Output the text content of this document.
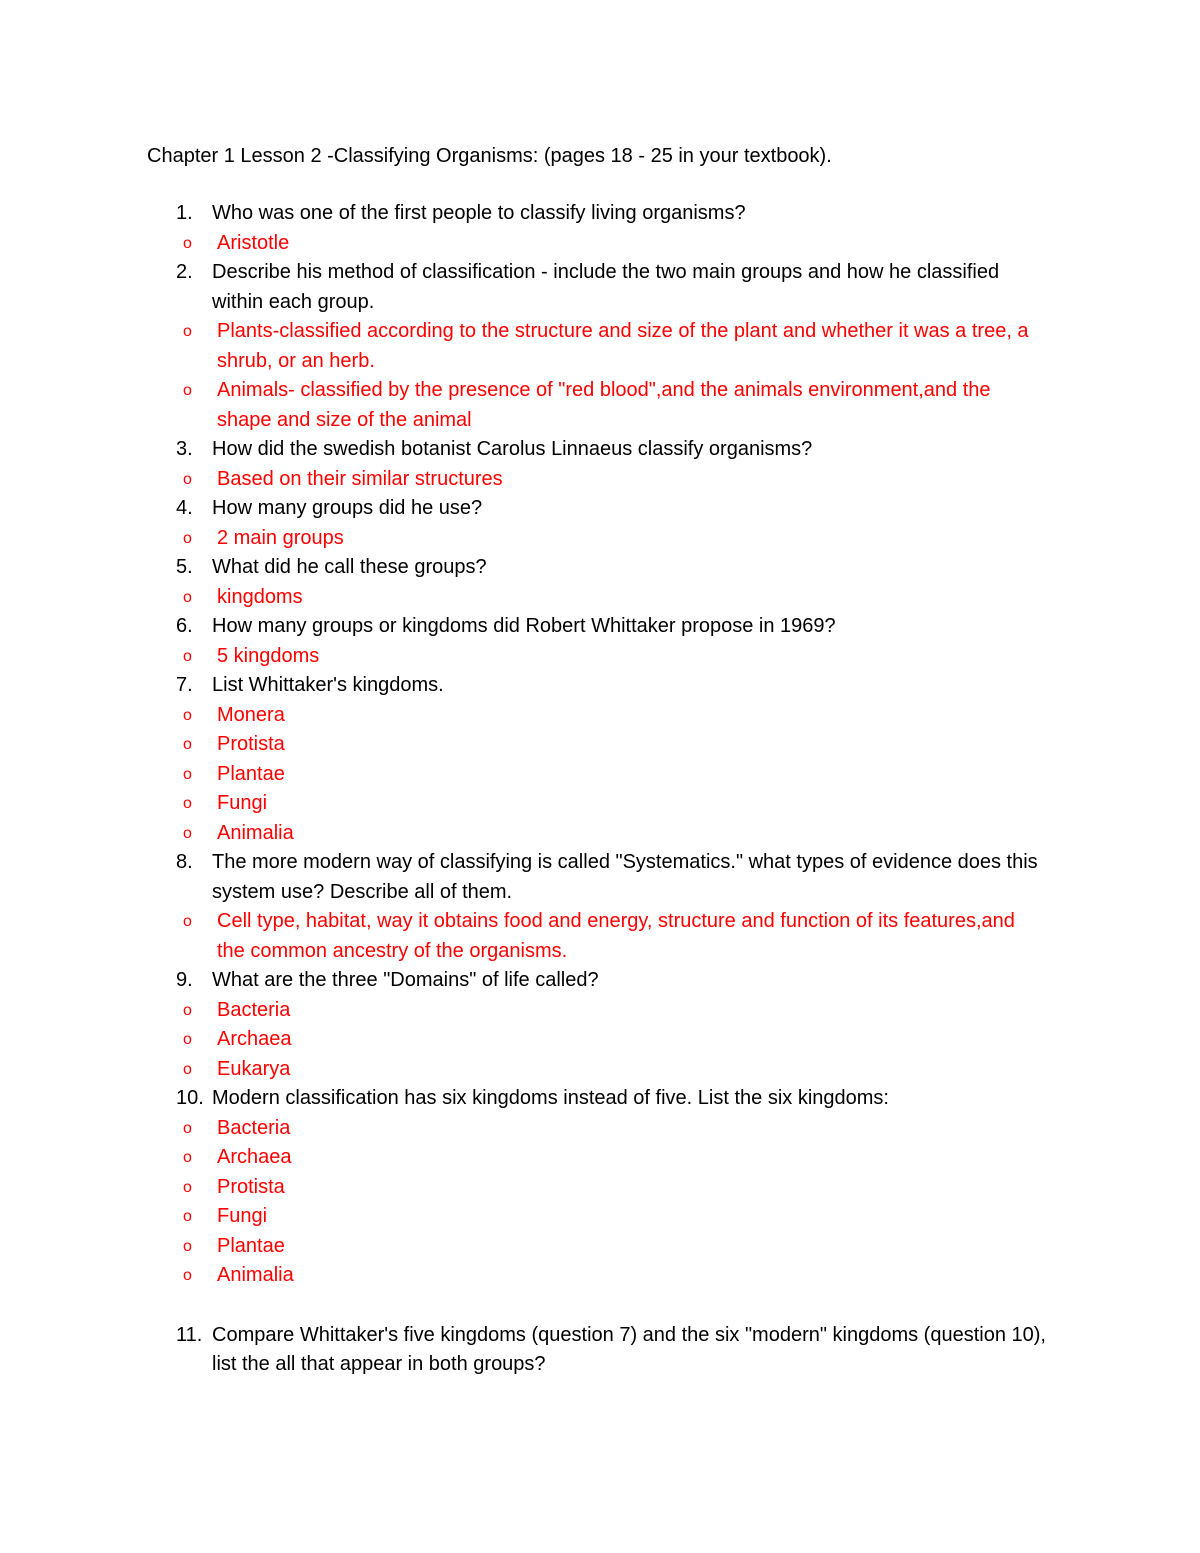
Chapter 1 Lesson 2 -Classifying Organisms: (pages 18 - 25 in your textbook).
1. Who was one of the first people to classify living organisms?
o Aristotle
2. Describe his method of classification - include the two main groups and how he classified within each group.
o Plants-classified according to the structure and size of the plant and whether it was a tree, a shrub, or an herb.
o Animals- classified by the presence of "red blood",and the animals environment,and the shape and size of the animal
3. How did the swedish botanist Carolus Linnaeus classify organisms?
o Based on their similar structures
4. How many groups did he use?
o 2 main groups
5. What did he call these groups?
o kingdoms
6. How many groups or kingdoms did Robert Whittaker propose in 1969?
o 5 kingdoms
7. List Whittaker's kingdoms.
o Monera
o Protista
o Plantae
o Fungi
o Animalia
8. The more modern way of classifying is called "Systematics." what types of evidence does this system use? Describe all of them.
o Cell type, habitat, way it obtains food and energy, structure and function of its features,and the common ancestry of the organisms.
9. What are the three "Domains" of life called?
o Bacteria
o Archaea
o Eukarya
10. Modern classification has six kingdoms instead of five. List the six kingdoms:
o Bacteria
o Archaea
o Protista
o Fungi
o Plantae
o Animalia
11. Compare Whittaker's five kingdoms (question 7) and the six "modern" kingdoms (question 10), list the all that appear in both groups?
